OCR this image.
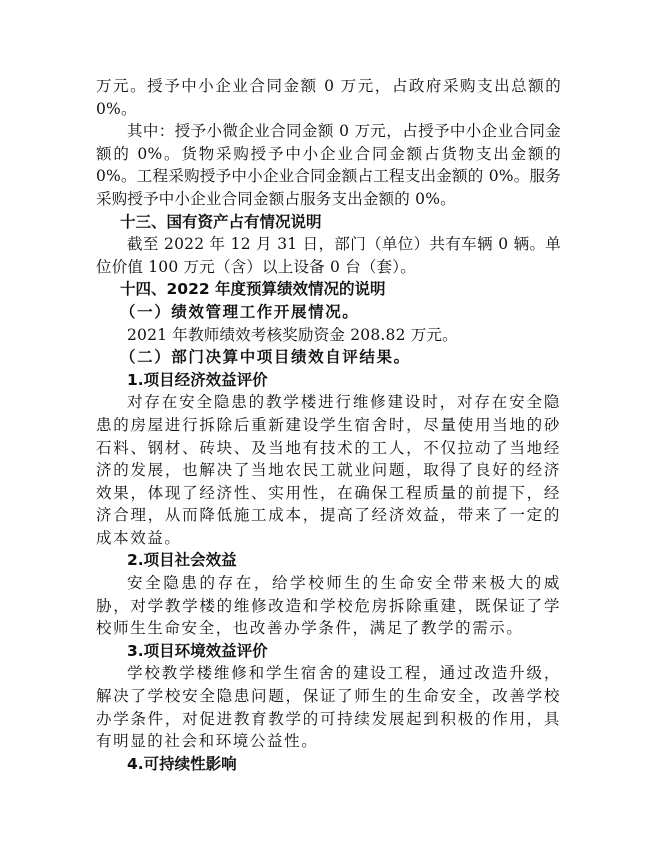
万元。授予中小企业合同金额 0 万元，占政府采购支出总额的 0%。

其中：授予小微企业合同金额 0 万元，占授予中小企业合同金额的 0%。货物采购授予中小企业合同金额占货物支出金额的 0%。工程采购授予中小企业合同金额占工程支出金额的 0%。服务采购授予中小企业合同金额占服务支出金额的 0%。

十三、国有资产占有情况说明

截至 2022 年 12 月 31 日，部门（单位）共有车辆 0 辆。单位价值 100 万元（含）以上设备 0 台（套）。

十四、2022 年度预算绩效情况的说明

（一）绩效管理工作开展情况。

2021 年教师绩效考核奖励资金 208.82 万元。

（二）部门决算中项目绩效自评结果。

1.项目经济效益评价

对存在安全隐患的教学楼进行维修建设时，对存在安全隐患的房屋进行拆除后重新建设学生宿舍时，尽量使用当地的砂石料、钢材、砖块、及当地有技术的工人，不仅拉动了当地经济的发展，也解决了当地农民工就业问题，取得了良好的经济效果，体现了经济性、实用性，在确保工程质量的前提下，经济合理，从而降低施工成本，提高了经济效益，带来了一定的成本效益。

2.项目社会效益

安全隐患的存在，给学校师生的生命安全带来极大的威胁，对学教学楼的维修改造和学校危房拆除重建，既保证了学校师生生命安全，也改善办学条件，满足了教学的需示。

3.项目环境效益评价

学校教学楼维修和学生宿舍的建设工程，通过改造升级，解决了学校安全隐患问题，保证了师生的生命安全，改善学校办学条件，对促进教育教学的可持续发展起到积极的作用，具有明显的社会和环境公益性。

4.可持续性影响
